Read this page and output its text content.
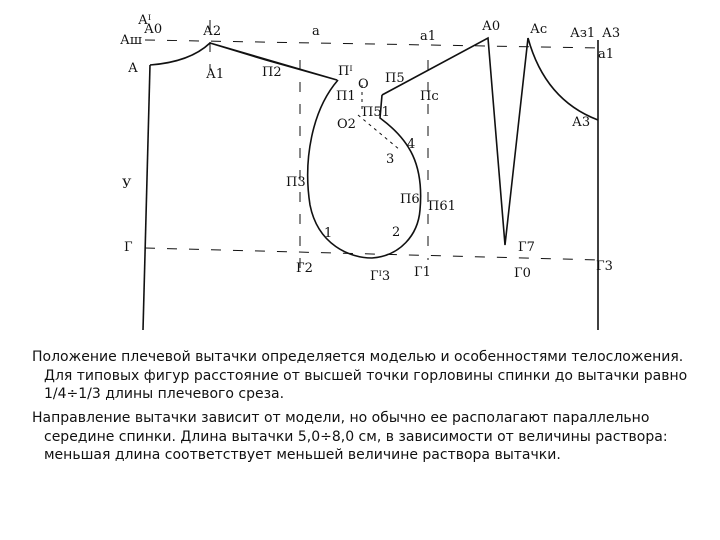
Аᴵ
А0
Аш
А2
А	А1
а	а1
А0 Аᴄ Аз1 А3
а1
А3
П2	Пᴵ
О П5
П1	Пᴄ
П51
О2
4
3
У	П3
П6 П61
1	2
Г
Г2
Гᴵ3 Г1
Г7
Г0	Г3

Положение плечевой вытачки определяется моделью и особенностями телосложения. Для типовых фигур расстояние от высшей точки горловины спинки до вытачки равно 1/4÷1/3 длины плечевого среза.

Направление вытачки зависит от модели, но обычно ее располагают параллельно середине спинки. Длина вытачки 5,0÷8,0 см, в зависимости от величины раствора: меньшая длина соответствует меньшей величине раствора вытачки.
